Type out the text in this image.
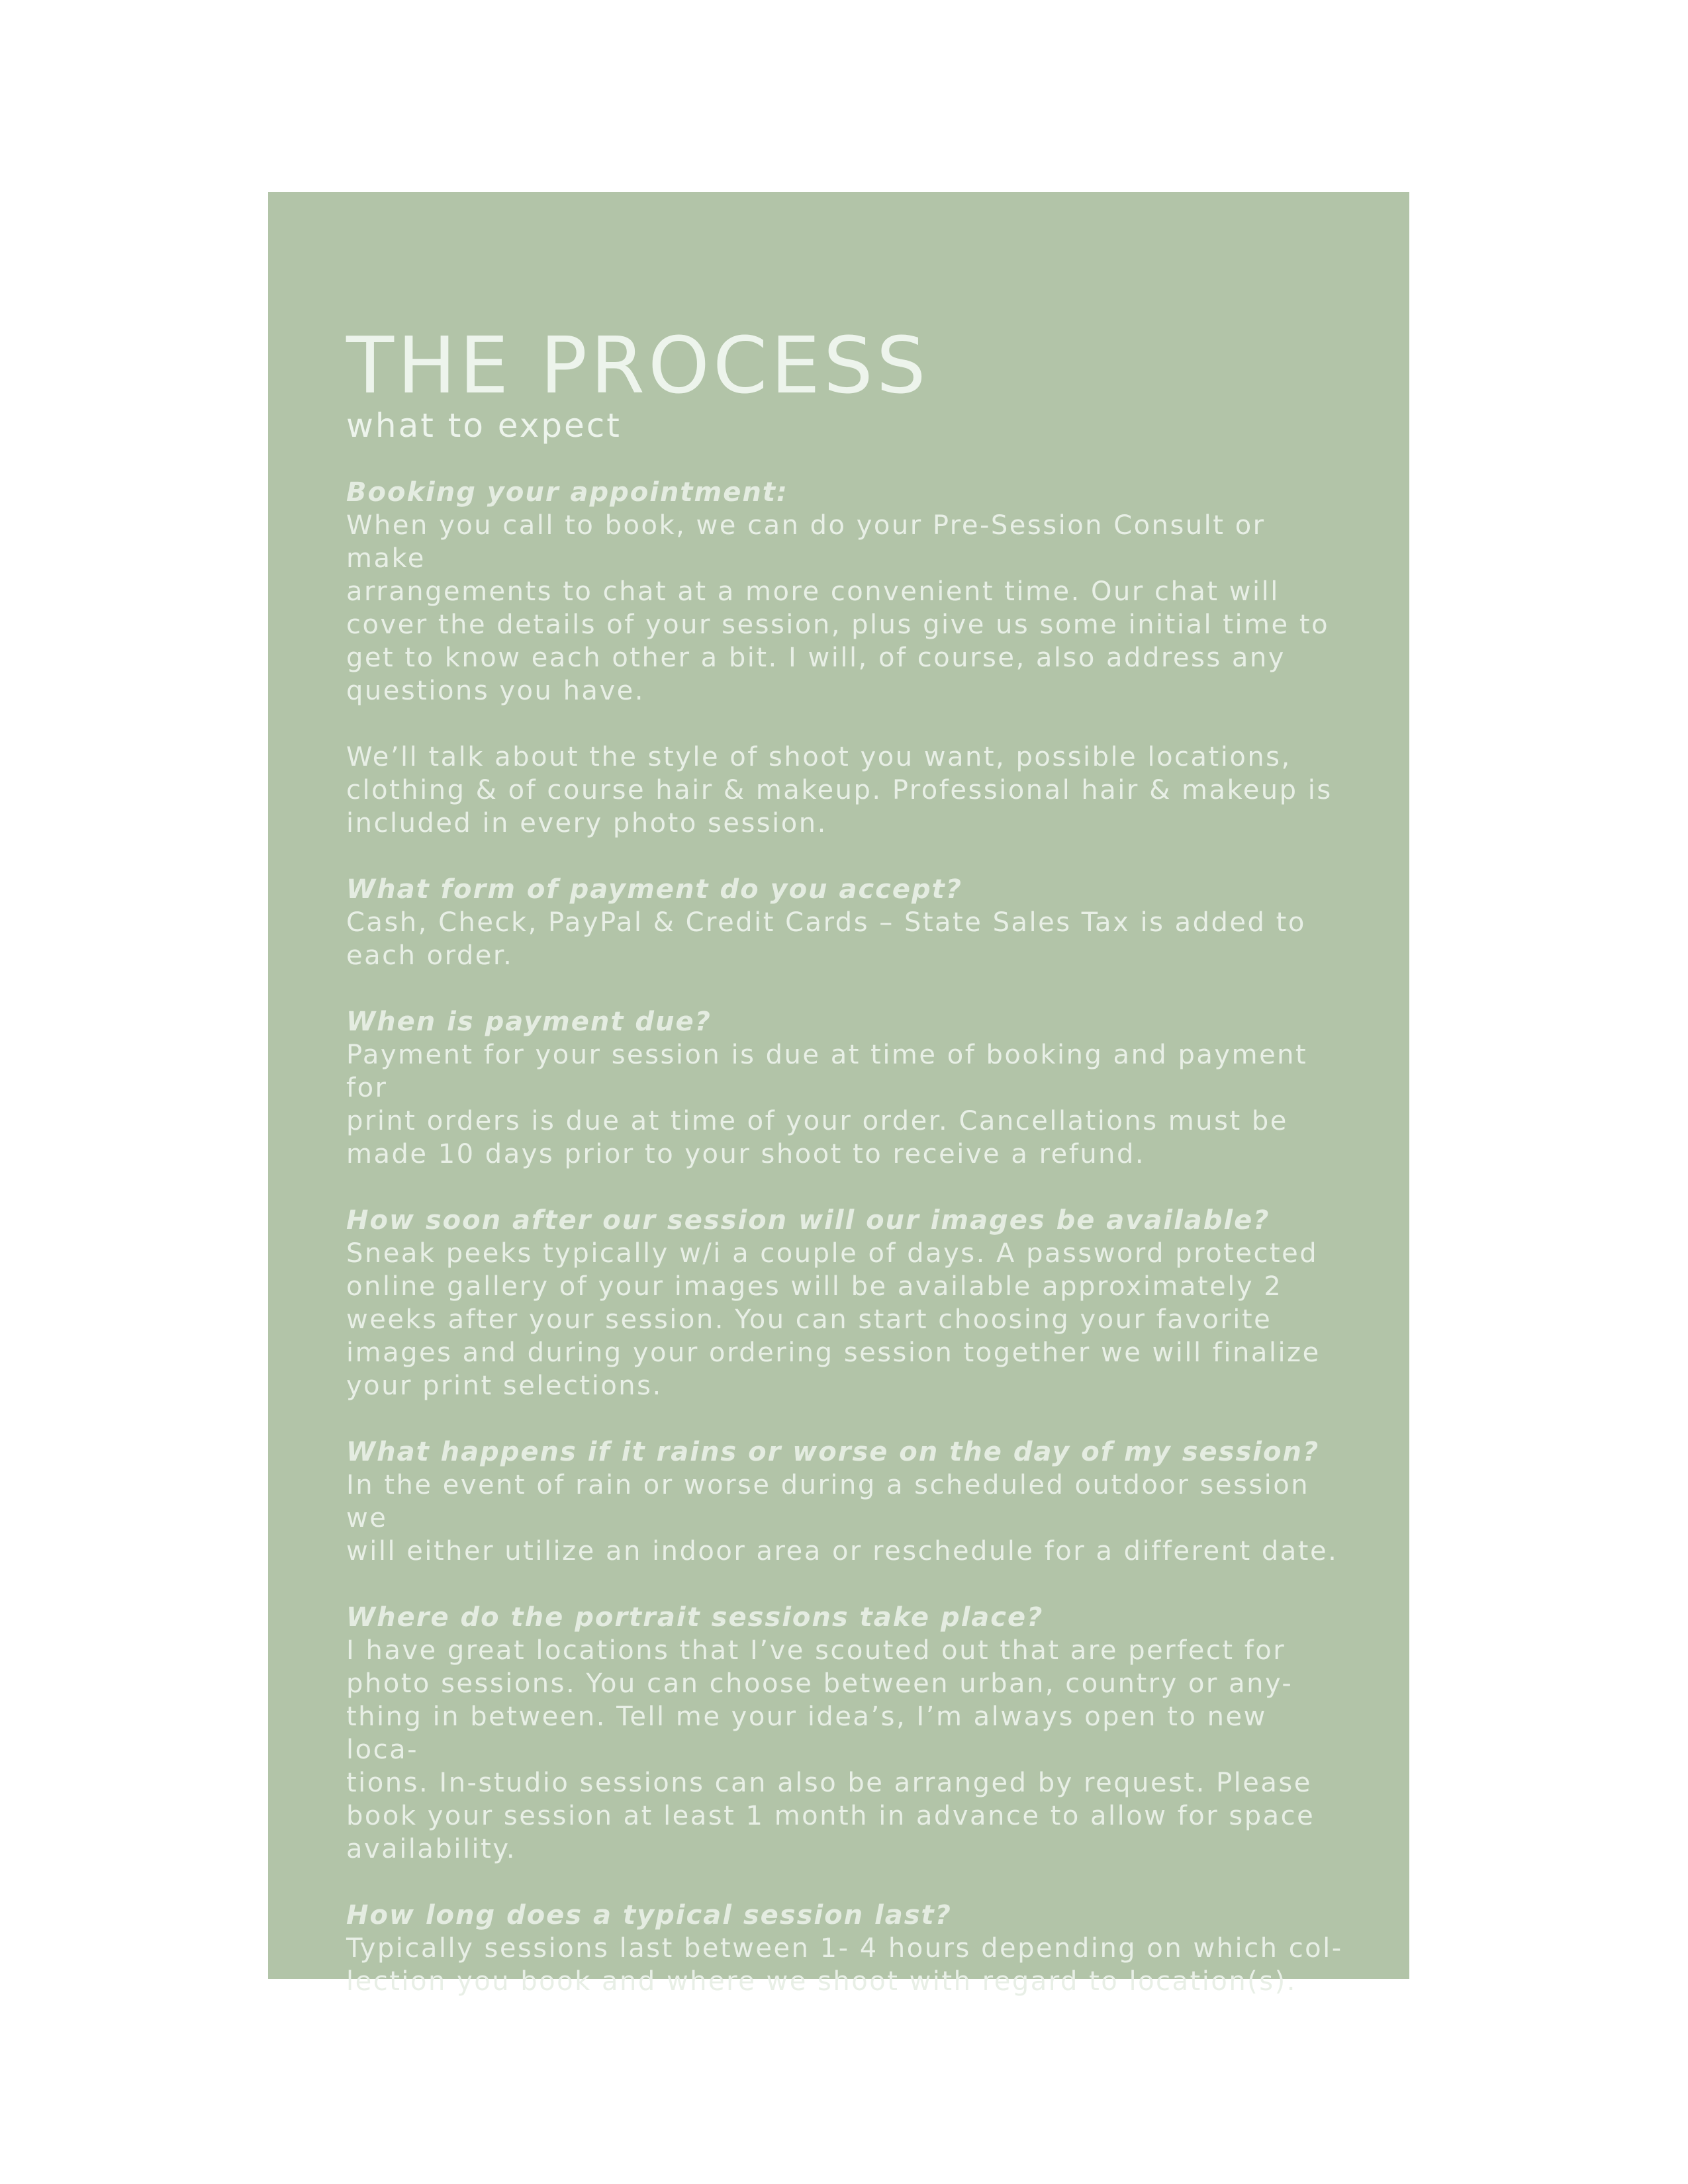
THE PROCESS

what to expect

Booking your appointment:

When you call to book, we can do your Pre-Session Consult or make
arrangements to chat at a more convenient time. Our chat will
cover the details of your session, plus give us some initial time to
get to know each other a bit. I will, of course, also address any
questions you have.

We’ll talk about the style of shoot you want, possible locations,
clothing & of course hair & makeup. Professional hair & makeup is
included in every photo session.

What form of payment do you accept?

Cash, Check, PayPal & Credit Cards – State Sales Tax is added to
each order.

When is payment due?

Payment for your session is due at time of booking and payment for
print orders is due at time of your order. Cancellations must be
made 10 days prior to your shoot to receive a refund.

How soon after our session will our images be available?

Sneak peeks typically w/i a couple of days. A password protected
online gallery of your images will be available approximately 2
weeks after your session. You can start choosing your favorite
images and during your ordering session together we will finalize
your print selections.

What happens if it rains or worse on the day of my session?

In the event of rain or worse during a scheduled outdoor session we
will either utilize an indoor area or reschedule for a different date.

Where do the portrait sessions take place?

I have great locations that I’ve scouted out that are perfect for
photo sessions. You can choose between urban, country or any-
thing in between. Tell me your idea’s, I’m always open to new loca-
tions. In-studio sessions can also be arranged by request. Please
book your session at least 1 month in advance to allow for space
availability.

How long does a typical session last?

Typically sessions last between 1- 4 hours depending on which col-
lection you book and where we shoot with regard to location(s).
